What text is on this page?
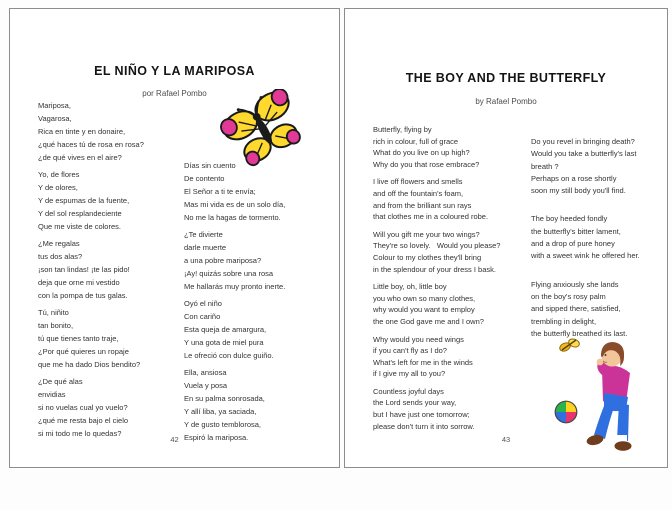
EL NIÑO Y LA MARIPOSA
por Rafael Pombo
Mariposa,
Vagarosa,
Rica en tinte y en donaire,
¿qué haces tú de rosa en rosa?
¿de qué vives en el aire?
Yo, de flores
Y de olores,
Y de espumas de la fuente,
Y del sol resplandeciente
Que me viste de colores.
¿Me regalas
tus dos alas?
¡son tan lindas! ¡te las pido!
deja que orne mi vestido
con la pompa de tus galas.
Tú, niñito
tan bonito,
tú que tienes tanto traje,
¿Por qué quieres un ropaje
que me ha dado Dios bendito?
¿De qué alas
envidias
si no vuelas cual yo vuelo?
¿qué me resta bajo el cielo
si mi todo me lo quedas?
Días sin cuento
De contento
El Señor a ti te envía;
Mas mi vida es de un solo día,
No me la hagas de tormento.
¿Te divierte
darle muerte
a una pobre mariposa?
¡Ay! quizás sobre una rosa
Me hallarás muy pronto inerte.
Oyó el niño
Con cariño
Esta queja de amargura,
Y una gota de miel pura
Le ofreció con dulce guiño.
Ella, ansiosa
Vuela y posa
En su palma sonrosada,
Y allí liba, ya saciada,
Y de gusto temblorosa,
Espiró la mariposa.
42
THE BOY AND THE BUTTERFLY
by Rafael Pombo
Butterfly, flying by
rich in colour, full of grace
What do you live on up high?
Why do you that rose embrace?
I live off flowers and smells
and off the fountain's foam,
and from the brilliant sun rays
that clothes me in a coloured robe.
Will you gift me your two wings?
They're so lovely.   Would you please?
Colour to my clothes they'll bring
in the splendour of your dress I bask.
Little boy, oh, little boy
you who own so many clothes,
why would you want to employ
the one God gave me and I own?
Why would you need wings
if you can't fly as I do?
What's left for me in the winds
if I give my all to you?
Countless joyful days
the Lord sends your way,
but I have just one tomorrow;
please don't turn it into sorrow.
Do you revel in bringing death?
Would you take a butterfly's last
breath ?
Perhaps on a rose shortly
soon my still body you'll find.
The boy heeded fondly
the butterfly's bitter lament,
and a drop of pure honey
with a sweet wink he offered her.
Flying anxiously she lands
on the boy's rosy palm
and sipped there, satisfied,
trembling in delight,
the butterfly breathed its last.
43
